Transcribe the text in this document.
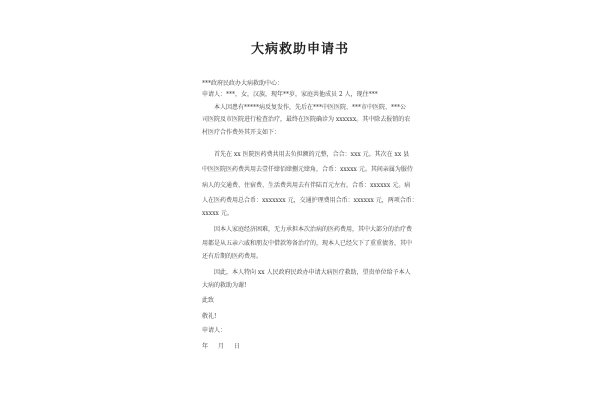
大病救助申请书
***政府民政办大病救助中心：
申请人：***，女，汉族，现年**岁，家庭共他成员 2 人，现住***
本人因患有*****病反复发作，先后在***中医医院、***市中医院、***公
司医院及市医院进行检查治疗，最终在医院确诊为 xxxxxx。其中除去报销的农
村医疗合作费外其开支如下：
首先在 xx 医院医药费共用去负担额的元整，合合：xxx 元。其次在 xx 县
中医医院医药费共用去壹仟肆佰肆捌元肆角，合币：xxxxx 元。其间亲属为服侍
病人的交通费、住宿费、生活费共用去有伴陆百元左右，合币：xxxxxx 元。病
人在医药费用总合币：xxxxxxx 元，交通护理费用合币：xxxxxx 元，两项合币：
xxxxx 元。
因本人家庭经济困难，无力承担本次治病的医药费用，其中大部分的治疗费
用都是从五亲六戚和朋友中借款筹备治疗的，现本人已经欠下了重重债务，其中
还有后期的医药费用。
因此，本人特向 xx 人民政府民政办申请大病医疗救助，望贵单位给予本人
大病的救助为谢!
此致
敬礼!
申请人：
年 月 日
